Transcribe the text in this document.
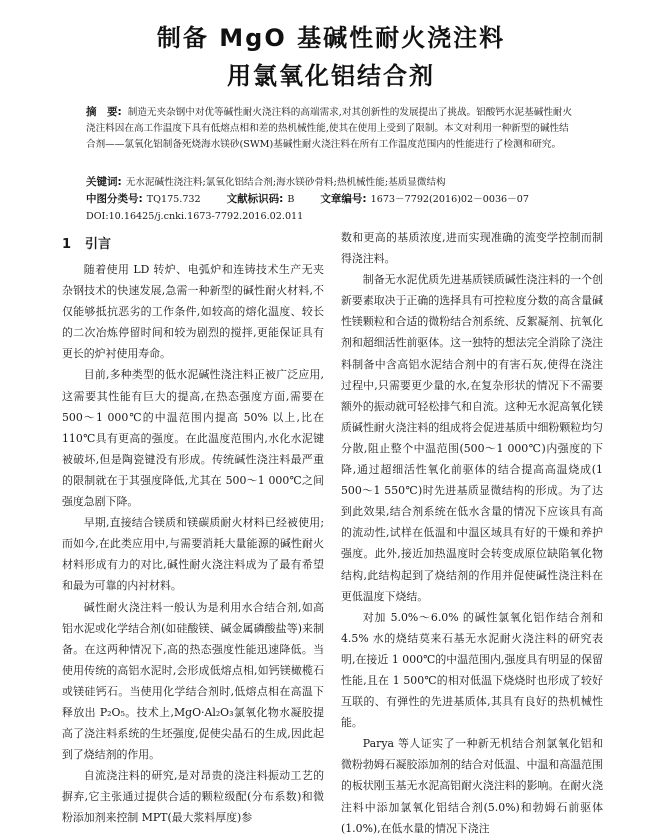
制备 MgO 基碱性耐火浇注料
用氯氧化铝结合剂
摘　要: 制造无夹杂钢中对优等碱性耐火浇注料的高端需求,对其创新性的发展提出了挑战。铝酸钙水泥基碱性耐火浇注料因在高工作温度下具有低熔点相和差的热机械性能,使其在使用上受到了限制。本文对利用一种新型的碱性结合剂——氯氧化铝制备死烧海水镁砂(SWM)基碱性耐火浇注料在所有工作温度范围内的性能进行了检测和研究。
关键词: 无水泥碱性浇注料;氯氧化铝结合剂;海水镁砂骨料;热机械性能;基质显微结构
中图分类号: TQ175.732 文献标识码: B 文章编号: 1673－7792(2016)02－0036－07
DOI:10.16425/j.cnki.1673-7792.2016.02.011
1 引言

随着使用 LD 转炉、电弧炉和连铸技术生产无夹杂钢技术的快速发展,急需一种新型的碱性耐火材料,不仅能够抵抗恶劣的工作条件,如较高的熔化温度、较长的二次冶炼停留时间和较为剧烈的搅拌,更能保证具有更长的炉衬使用寿命。

目前,多种类型的低水泥碱性浇注料正被广泛应用,这需要其性能有巨大的提高,在热态强度方面,需要在 500～1 000℃的中温范围内提高 50% 以上,比在 110℃具有更高的强度。在此温度范围内,水化水泥键被破坏,但是陶瓷键没有形成。传统碱性浇注料最严重的限制就在于其强度降低,尤其在 500～1 000℃之间强度急剧下降。

早期,直接结合镁质和镁碳质耐火材料已经被使用;而如今,在此类应用中,与需要消耗大量能源的碱性耐火材料形成有力的对比,碱性耐火浇注料成为了最有希望和最为可靠的内衬材料。

碱性耐火浇注料一般认为是利用水合结合剂,如高铝水泥或化学结合剂(如硅酸镁、碱金属磷酸盐等)来制备。在这两种情况下,高的热态强度性能迅速降低。当使用传统的高铝水泥时,会形成低熔点相,如钙镁橄榄石或镁硅钙石。当使用化学结合剂时,低熔点相在高温下释放出 P₂O₅。技术上,MgO·Al₂O₃氯氧化物水凝胶提高了浇注料系统的生坯强度,促使尖晶石的生成,因此起到了烧结剂的作用。

自流浇注料的研究,是对昂贵的浇注料振动工艺的摒弃,它主张通过提供合适的颗粒级配(分布系数)和微粉添加剂来控制 MPT(最大浆料厚度)参

数和更高的基质浓度,进而实现准确的流变学控制而制得浇注料。

制备无水泥优质先进基质镁质碱性浇注料的一个创新要素取决于正确的选择具有可控粒度分数的高含量碱性镁颗粒和合适的微粉结合剂系统、反絮凝剂、抗氧化剂和超细活性前驱体。这一独特的想法完全消除了浇注料制备中含高铝水泥结合剂中的有害石灰,使得在浇注过程中,只需要更少量的水,在复杂形状的情况下不需要额外的振动就可轻松排气和自流。这种无水泥高氧化镁质碱性耐火浇注料的组成将会促进基质中细粉颗粒均匀分散,阻止整个中温范围(500～1 000℃)内强度的下降,通过超细活性氧化前驱体的结合提高高温烧成(1 500～1 550℃)时先进基质显微结构的形成。为了达到此效果,结合剂系统在低水含量的情况下应该具有高的流动性,试样在低温和中温区域具有好的干燥和养护强度。此外,接近加热温度时会转变成原位缺陷氧化物结构,此结构起到了烧结剂的作用并促使碱性浇注料在更低温度下烧结。

对加 5.0%～6.0% 的碱性氯氧化铝作结合剂和 4.5% 水的烧结莫来石基无水泥耐火浇注料的研究表明,在接近 1 000℃的中温范围内,强度具有明显的保留性能,且在 1 500℃的相对低温下烧烧时也形成了较好互联的、有弹性的先进基质体,其具有良好的热机械性能。

Parya 等人证实了一种新无机结合剂氯氧化铝和微粉勃姆石凝胶添加剂的结合对低温、中温和高温范围的板状刚玉基无水泥高铝耐火浇注料的影响。在耐火浇注料中添加氯氧化铝结合剂(5.0%)和勃姆石前驱体(1.0%),在低水量的情况下浇注
